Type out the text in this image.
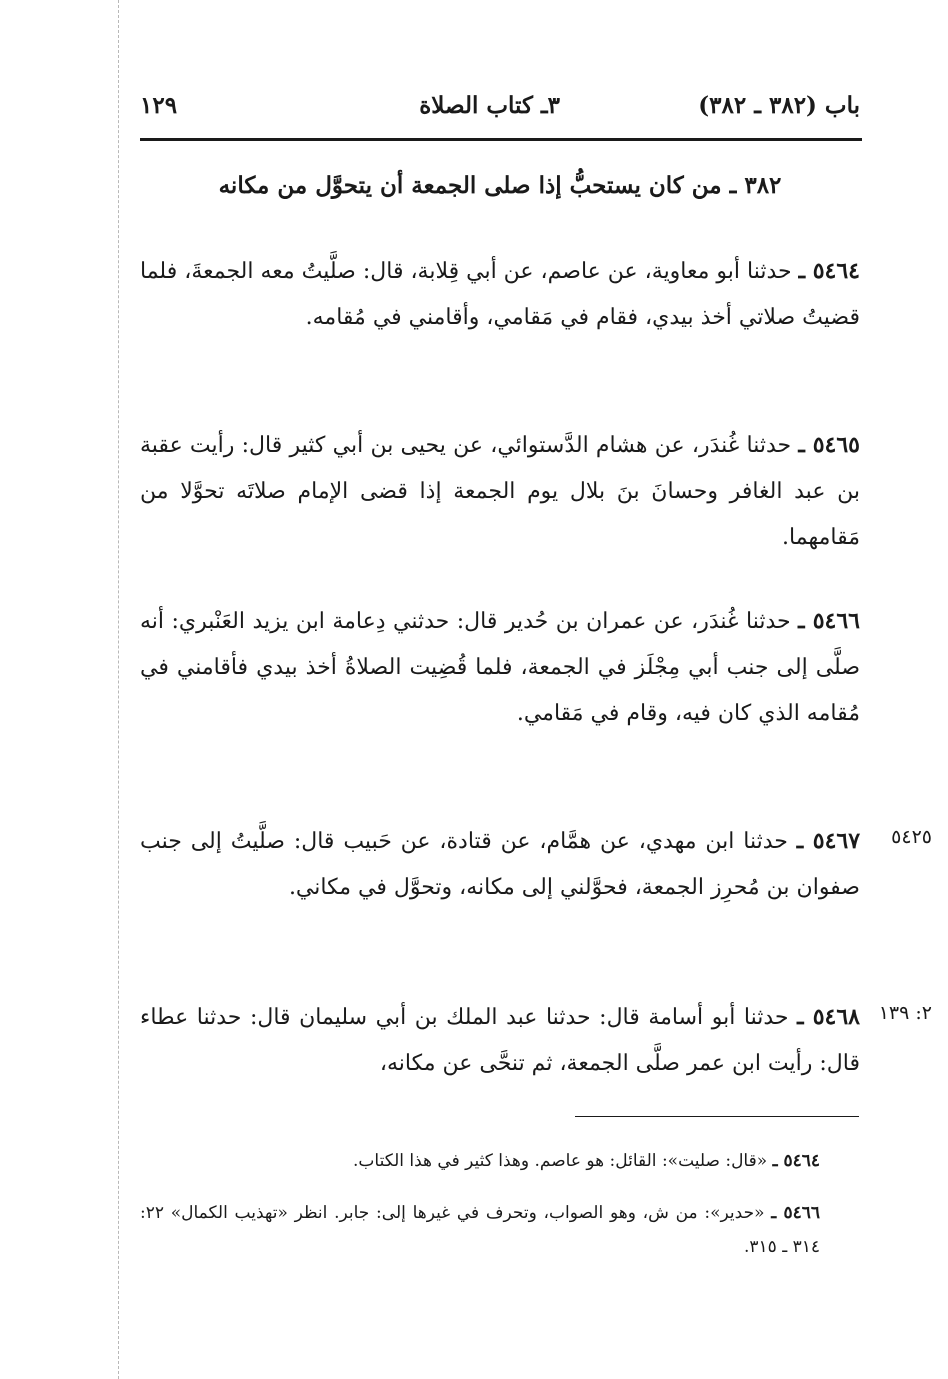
باب (٣٨٢ ـ ٣٨٢)
٣ـ كتاب الصلاة
١٢٩
٣٨٢ ـ من كان يستحبُّ إذا صلى الجمعة أن يتحوَّل من مكانه
٥٤٦٤ ـ حدثنا أبو معاوية، عن عاصم، عن أبي قِلابة، قال: صلَّيتُ معه الجمعةَ، فلما قضيتُ صلاتي أخذ بيدي، فقام في مَقامي، وأقامني في مُقامه.
٥٤٦٥ ـ حدثنا غُندَر، عن هشام الدَّستوائي، عن يحيى بن أبي كثير قال: رأيت عقبة بن عبد الغافر وحسانَ بنَ بلال يوم الجمعة إذا قضى الإمام صلاتَه تحوَّلا من مَقامهما.
٥٤٦٦ ـ حدثنا غُندَر، عن عمران بن حُدير قال: حدثني دِعامة ابن يزيد العَنْبري: أنه صلَّى إلى جنب أبي مِجْلَز في الجمعة، فلما قُضِيت الصلاةُ أخذ بيدي فأقامني في مُقامه الذي كان فيه، وقام في مَقامي.
٥٤٦٧ ـ حدثنا ابن مهدي، عن همَّام، عن قتادة، عن حَبيب قال: صلَّيتُ إلى جنب صفوان بن مُحرِز الجمعة، فحوَّلني إلى مكانه، وتحوَّل في مكاني.
٥٤٢٥
٥٤٦٨ ـ حدثنا أبو أسامة قال: حدثنا عبد الملك بن أبي سليمان قال: حدثنا عطاء قال: رأيت ابن عمر صلَّى الجمعة، ثم تنحَّى عن مكانه،
٢: ١٣٩
٥٤٦٤ ـ «قال: صليت»: القائل: هو عاصم. وهذا كثير في هذا الكتاب.
٥٤٦٦ ـ «حدير»: من ش، وهو الصواب، وتحرف في غيرها إلى: جابر. انظر «تهذيب الكمال» ٢٢: ٣١٤ ـ ٣١٥.
